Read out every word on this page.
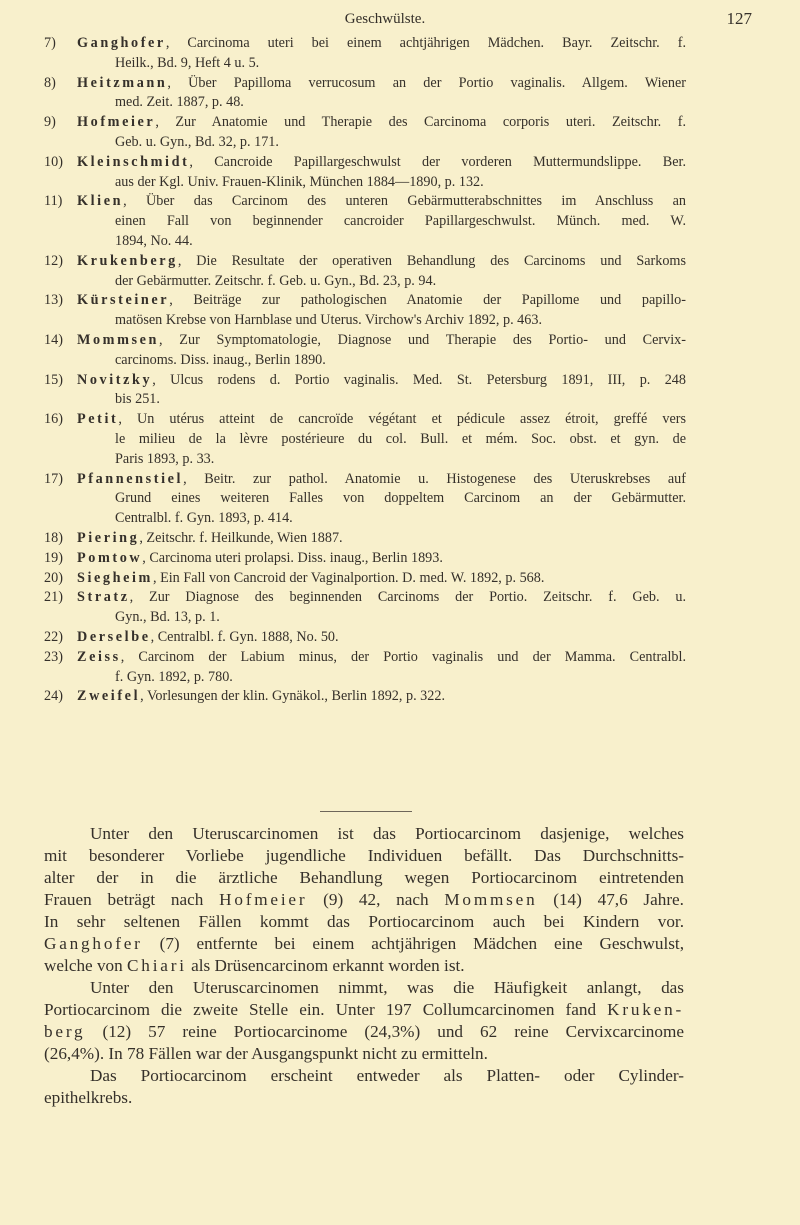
Geschwülste.	127
7) Ganghofer, Carcinoma uteri bei einem achtjährigen Mädchen. Bayr. Zeitschr. f.
Heilk., Bd. 9, Heft 4 u. 5.
8) Heitzmann, Über Papilloma verrucosum an der Portio vaginalis. Allgem. Wiener
med. Zeit. 1887, p. 48.
9) Hofmeier, Zur Anatomie und Therapie des Carcinoma corporis uteri. Zeitschr. f.
Geb. u. Gyn., Bd. 32, p. 171.
10) Kleinschmidt, Cancroide Papillargeschwulst der vorderen Muttermundslippe. Ber.
aus der Kgl. Univ. Frauen-Klinik, München 1884—1890, p. 132.
11) Klien, Über das Carcinom des unteren Gebärmutterabschnittes im Anschluss an
einen Fall von beginnender cancroider Papillargeschwulst. Münch. med. W.
1894, No. 44.
12) Krukenberg, Die Resultate der operativen Behandlung des Carcinoms und Sarkoms
der Gebärmutter. Zeitschr. f. Geb. u. Gyn., Bd. 23, p. 94.
13) Kürsteiner, Beiträge zur pathologischen Anatomie der Papillome und papillo-
matösen Krebse von Harnblase und Uterus. Virchow's Archiv 1892, p. 463.
14) Mommsen, Zur Symptomatologie, Diagnose und Therapie des Portio- und Cervix-
carcinoms. Diss. inaug., Berlin 1890.
15) Novitzky, Ulcus rodens d. Portio vaginalis. Med. St. Petersburg 1891, III, p. 248
bis 251.
16) Petit, Un utérus atteint de cancroïde végétant et pédicule assez étroit, greffé vers
le milieu de la lèvre postérieure du col. Bull. et mém. Soc. obst. et gyn. de
Paris 1893, p. 33.
17) Pfannenstiel, Beitr. zur pathol. Anatomie u. Histogenese des Uteruskrebses auf
Grund eines weiteren Falles von doppeltem Carcinom an der Gebärmutter.
Centralbl. f. Gyn. 1893, p. 414.
18) Piering, Zeitschr. f. Heilkunde, Wien 1887.
19) Pomtow, Carcinoma uteri prolapsi. Diss. inaug., Berlin 1893.
20) Siegheim, Ein Fall von Cancroid der Vaginalportion. D. med. W. 1892, p. 568.
21) Stratz, Zur Diagnose des beginnenden Carcinoms der Portio. Zeitschr. f. Geb. u.
Gyn., Bd. 13, p. 1.
22) Derselbe, Centralbl. f. Gyn. 1888, No. 50.
23) Zeiss, Carcinom der Labium minus, der Portio vaginalis und der Mamma. Centralbl.
f. Gyn. 1892, p. 780.
24) Zweifel, Vorlesungen der klin. Gynäkol., Berlin 1892, p. 322.
Unter den Uteruscarcinomen ist das Portiocarcinom dasjenige, welches
mit besonderer Vorliebe jugendliche Individuen befällt. Das Durchschnitts-
alter der in die ärztliche Behandlung wegen Portiocarcinom eintretenden
Frauen beträgt nach Hofmeier (9) 42, nach Mommsen (14) 47,6 Jahre.
In sehr seltenen Fällen kommt das Portiocarcinom auch bei Kindern vor.
Ganghofer (7) entfernte bei einem achtjährigen Mädchen eine Geschwulst,
welche von Chiari als Drüsencarcinom erkannt worden ist.
Unter den Uteruscarcinomen nimmt, was die Häufigkeit anlangt, das
Portiocarcinom die zweite Stelle ein. Unter 197 Collumcarcinomen fand Kruken-
berg (12) 57 reine Portiocarcinome (24,3%) und 62 reine Cervixcarcinome
(26,4%). In 78 Fällen war der Ausgangspunkt nicht zu ermitteln.
Das Portiocarcinom erscheint entweder als Platten- oder Cylinder-
epithelkrebs.
